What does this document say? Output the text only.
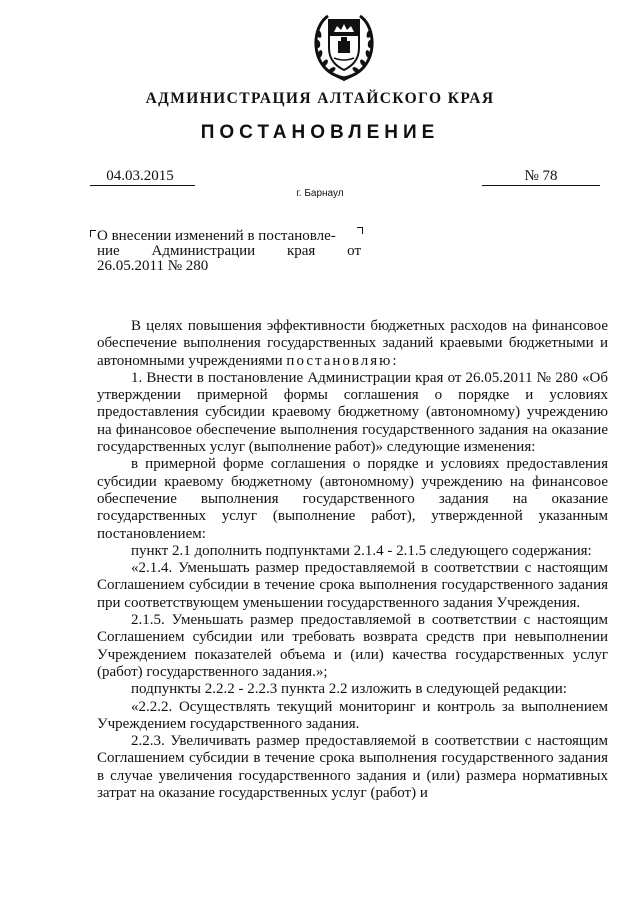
АДМИНИСТРАЦИЯ АЛТАЙСКОГО КРАЯ
ПОСТАНОВЛЕНИЕ
04.03.2015	№ 78
г. Барнаул
О внесении изменений в постановле-
ние Администрации края от
26.05.2011 № 280

В целях повышения эффективности бюджетных расходов на финансовое обеспечение выполнения государственных заданий краевыми бюджетными и автономными учреждениями постановляю:

1. Внести в постановление Администрации края от 26.05.2011 № 280 «Об утверждении примерной формы соглашения о порядке и условиях предоставления субсидии краевому бюджетному (автономному) учреждению на финансовое обеспечение выполнения государственного задания на оказание государственных услуг (выполнение работ)» следующие изменения:

в примерной форме соглашения о порядке и условиях предоставления субсидии краевому бюджетному (автономному) учреждению на финансовое обеспечение выполнения государственного задания на оказание государственных услуг (выполнение работ), утвержденной указанным постановлением:

пункт 2.1 дополнить подпунктами 2.1.4 - 2.1.5 следующего содержания:

«2.1.4. Уменьшать размер предоставляемой в соответствии с настоящим Соглашением субсидии в течение срока выполнения государственного задания при соответствующем уменьшении государственного задания Учреждения.

2.1.5. Уменьшать размер предоставляемой в соответствии с настоящим Соглашением субсидии или требовать возврата средств при невыполнении Учреждением показателей объема и (или) качества государственных услуг (работ) государственного задания.»;

подпункты 2.2.2 - 2.2.3 пункта 2.2 изложить в следующей редакции:

«2.2.2. Осуществлять текущий мониторинг и контроль за выполнением Учреждением государственного задания.

2.2.3. Увеличивать размер предоставляемой в соответствии с настоящим Соглашением субсидии в течение срока выполнения государственного задания в случае увеличения государственного задания и (или) размера нормативных затрат на оказание государственных услуг (работ) и
